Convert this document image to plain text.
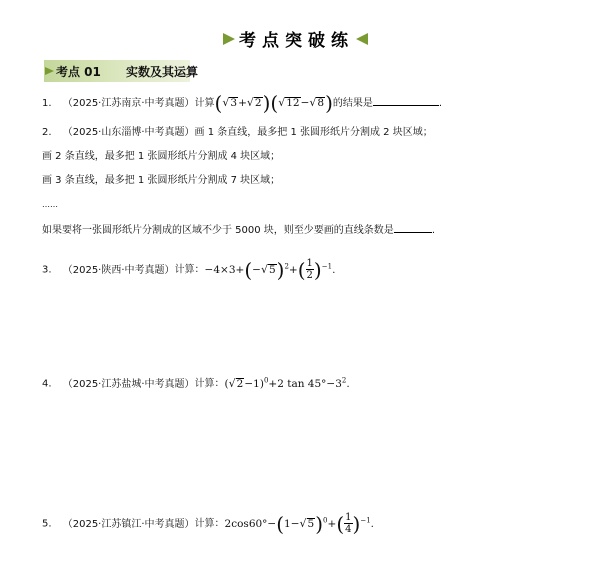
考点突破练
考点 01 实数及其运算
1. （2025·江苏南京·中考真题）计算(√3+√2)(√12−√8)的结果是	.
2. （2025·山东淄博·中考真题）画 1 条直线，最多把 1 张圆形纸片分割成 2 块区域；
画 2 条直线，最多把 1 张圆形纸片分割成 4 块区域；
画 3 条直线，最多把 1 张圆形纸片分割成 7 块区域；
……
如果要将一张圆形纸片分割成的区域不少于 5000 块，则至少要画的直线条数是	.
3. （2025·陕西·中考真题）计算：$-4\times 3+(-√5)^2+( \frac{1}{2} )^{-1}$.
4. （2025·江苏盐城·中考真题）计算：$(√2-1)^0+2$ $\tan 45^\circ-3^2$.
5. （2025·江苏镇江·中考真题）计算：$2\cos 60^\circ-(1-√5)^0+( \frac{1}{4} )^{-1}$.
